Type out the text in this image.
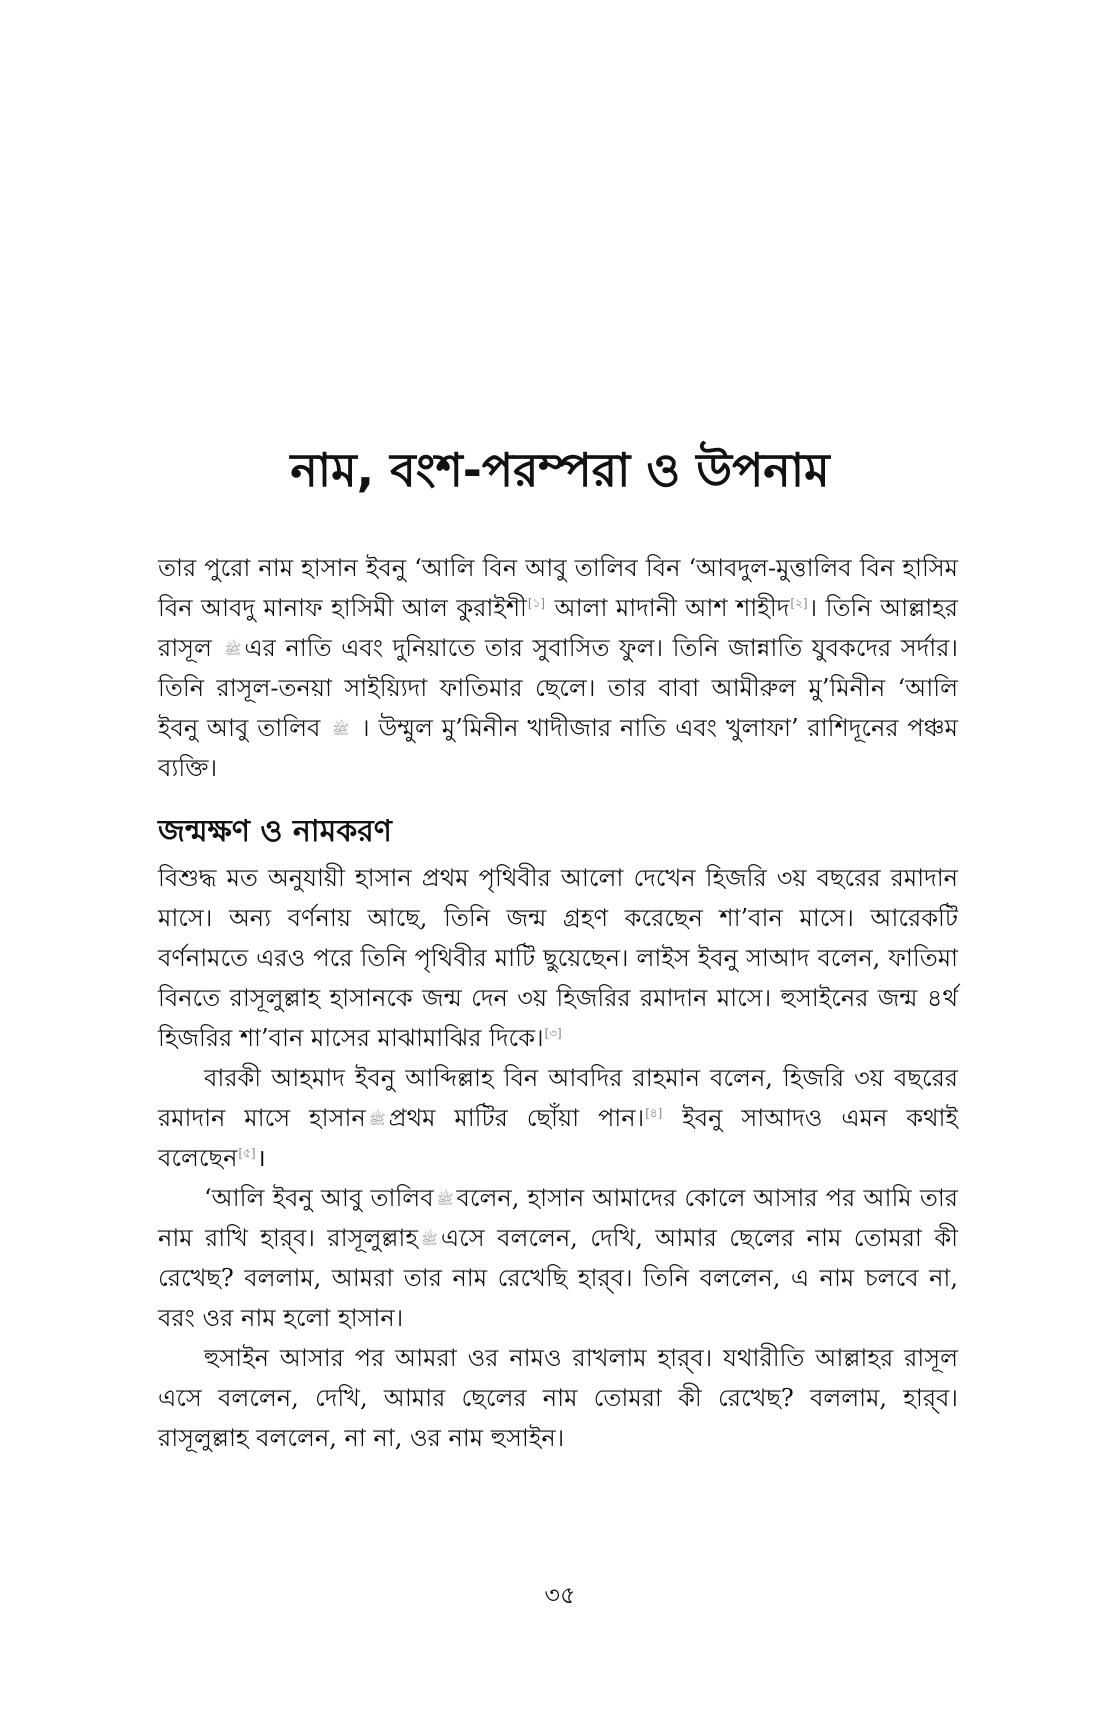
নাম, বংশ-পরম্পরা ও উপনাম

তার পুরো নাম হাসান ইবনু ‘আলি বিন আবু তালিব বিন ‘আবদুল-মুত্তালিব বিন হাসিম বিন আবদু মানাফ হাসিমী আল কুরাইশী[১] আলা মাদানী আশ শাহীদ[২]। তিনি আল্লাহর রাসূল ﷺ এর নাতি এবং দুনিয়াতে তার সুবাসিত ফুল। তিনি জান্নাতি যুবকদের সর্দার। তিনি রাসূল-তনয়া সাইয়্যিদা ফাতিমার ছেলে। তার বাবা আমীরুল মু’মিনীন ‘আলি ইবনু আবু তালিব ﷺ । উম্মুল মু’মিনীন খাদীজার নাতি এবং খুলাফা’ রাশিদূনের পঞ্চম ব্যক্তি।

জন্মক্ষণ ও নামকরণ

বিশুদ্ধ মত অনুযায়ী হাসান প্রথম পৃথিবীর আলো দেখেন হিজরি ৩য় বছরের রমাদান মাসে। অন্য বর্ণনায় আছে, তিনি জন্ম গ্রহণ করেছেন শা’বান মাসে। আরেকটি বর্ণনামতে এরও পরে তিনি পৃথিবীর মাটি ছুয়েছেন। লাইস ইবনু সাআদ বলেন, ফাতিমা বিনতে রাসূলুল্লাহ হাসানকে জন্ম দেন ৩য় হিজরির রমাদান মাসে। হুসাইনের জন্ম ৪র্থ হিজরির শা’বান মাসের মাঝামাঝির দিকে।[৩]

বারকী আহমাদ ইবনু আব্দিল্লাহ বিন আবদির রাহমান বলেন, হিজরি ৩য় বছরের রমাদান মাসে হাসান ﷺ প্রথম মাটির ছোঁয়া পান।[৪] ইবনু সাআদও এমন কথাই বলেছেন[৫]।

‘আলি ইবনু আবু তালিব ﷺ বলেন, হাসান আমাদের কোলে আসার পর আমি তার নাম রাখি হার্‌ব। রাসূলুল্লাহ ﷺ এসে বললেন, দেখি, আমার ছেলের নাম তোমরা কী রেখেছ? বললাম, আমরা তার নাম রেখেছি হার্‌ব। তিনি বললেন, এ নাম চলবে না, বরং ওর নাম হলো হাসান।

হুসাইন আসার পর আমরা ওর নামও রাখলাম হার্‌ব। যথারীতি আল্লাহর রাসূল এসে বললেন, দেখি, আমার ছেলের নাম তোমরা কী রেখেছ? বললাম, হার্‌ব। রাসূলুল্লাহ বললেন, না না, ওর নাম হুসাইন।

৩৫
